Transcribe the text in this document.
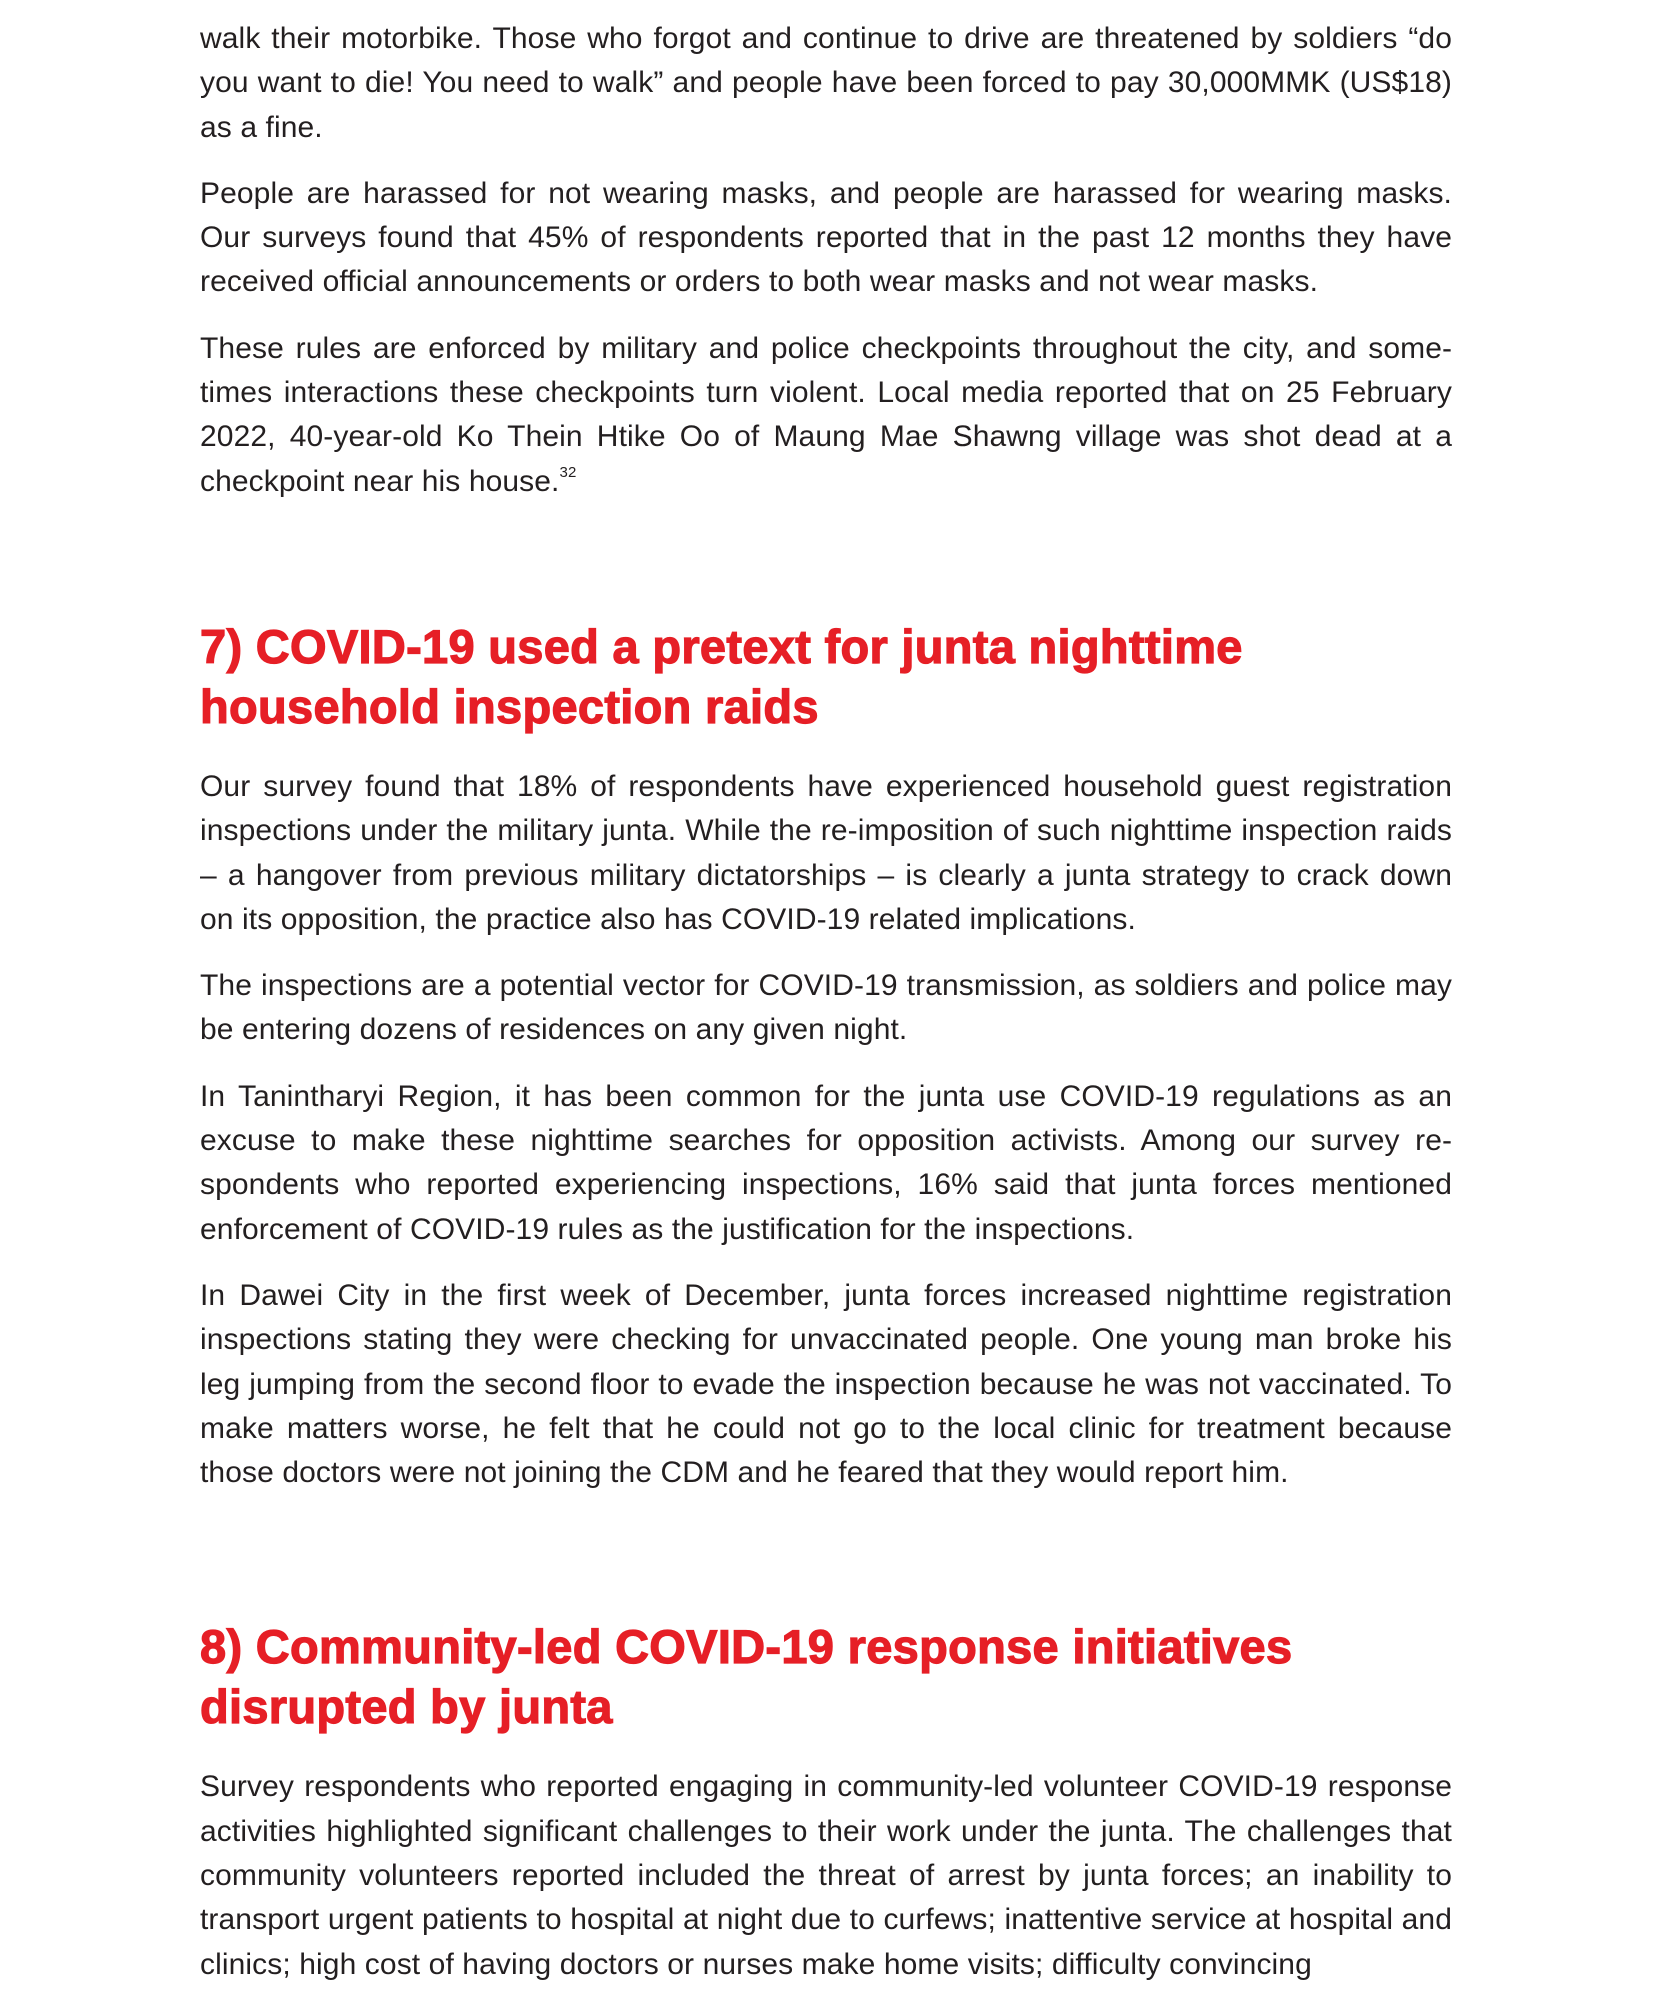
walk their motorbike. Those who forgot and continue to drive are threatened by soldiers “do you want to die! You need to walk” and people have been forced to pay 30,000MMK (US$18) as a fine.

People are harassed for not wearing masks, and people are harassed for wearing masks. Our surveys found that 45% of respondents reported that in the past 12 months they have received official announcements or orders to both wear masks and not wear masks.

These rules are enforced by military and police checkpoints throughout the city, and sometimes interactions these checkpoints turn violent. Local media reported that on 25 February 2022, 40-year-old Ko Thein Htike Oo of Maung Mae Shawng village was shot dead at a checkpoint near his house.$^{32}$

7) COVID-19 used a pretext for junta nighttime household inspection raids

Our survey found that 18% of respondents have experienced household guest registration inspections under the military junta. While the re-imposition of such nighttime inspection raids – a hangover from previous military dictatorships – is clearly a junta strategy to crack down on its opposition, the practice also has COVID-19 related implications.

The inspections are a potential vector for COVID-19 transmission, as soldiers and police may be entering dozens of residences on any given night.

In Tanintharyi Region, it has been common for the junta use COVID-19 regulations as an excuse to make these nighttime searches for opposition activists. Among our survey respondents who reported experiencing inspections, 16% said that junta forces mentioned enforcement of COVID-19 rules as the justification for the inspections.

In Dawei City in the first week of December, junta forces increased nighttime registration inspections stating they were checking for unvaccinated people. One young man broke his leg jumping from the second floor to evade the inspection because he was not vaccinated. To make matters worse, he felt that he could not go to the local clinic for treatment because those doctors were not joining the CDM and he feared that they would report him.

8) Community-led COVID-19 response initiatives disrupted by junta

Survey respondents who reported engaging in community-led volunteer COVID-19 response activities highlighted significant challenges to their work under the junta. The challenges that community volunteers reported included the threat of arrest by junta forces; an inability to transport urgent patients to hospital at night due to curfews; inattentive service at hospital and clinics; high cost of having doctors or nurses make home visits; difficulty convincing
